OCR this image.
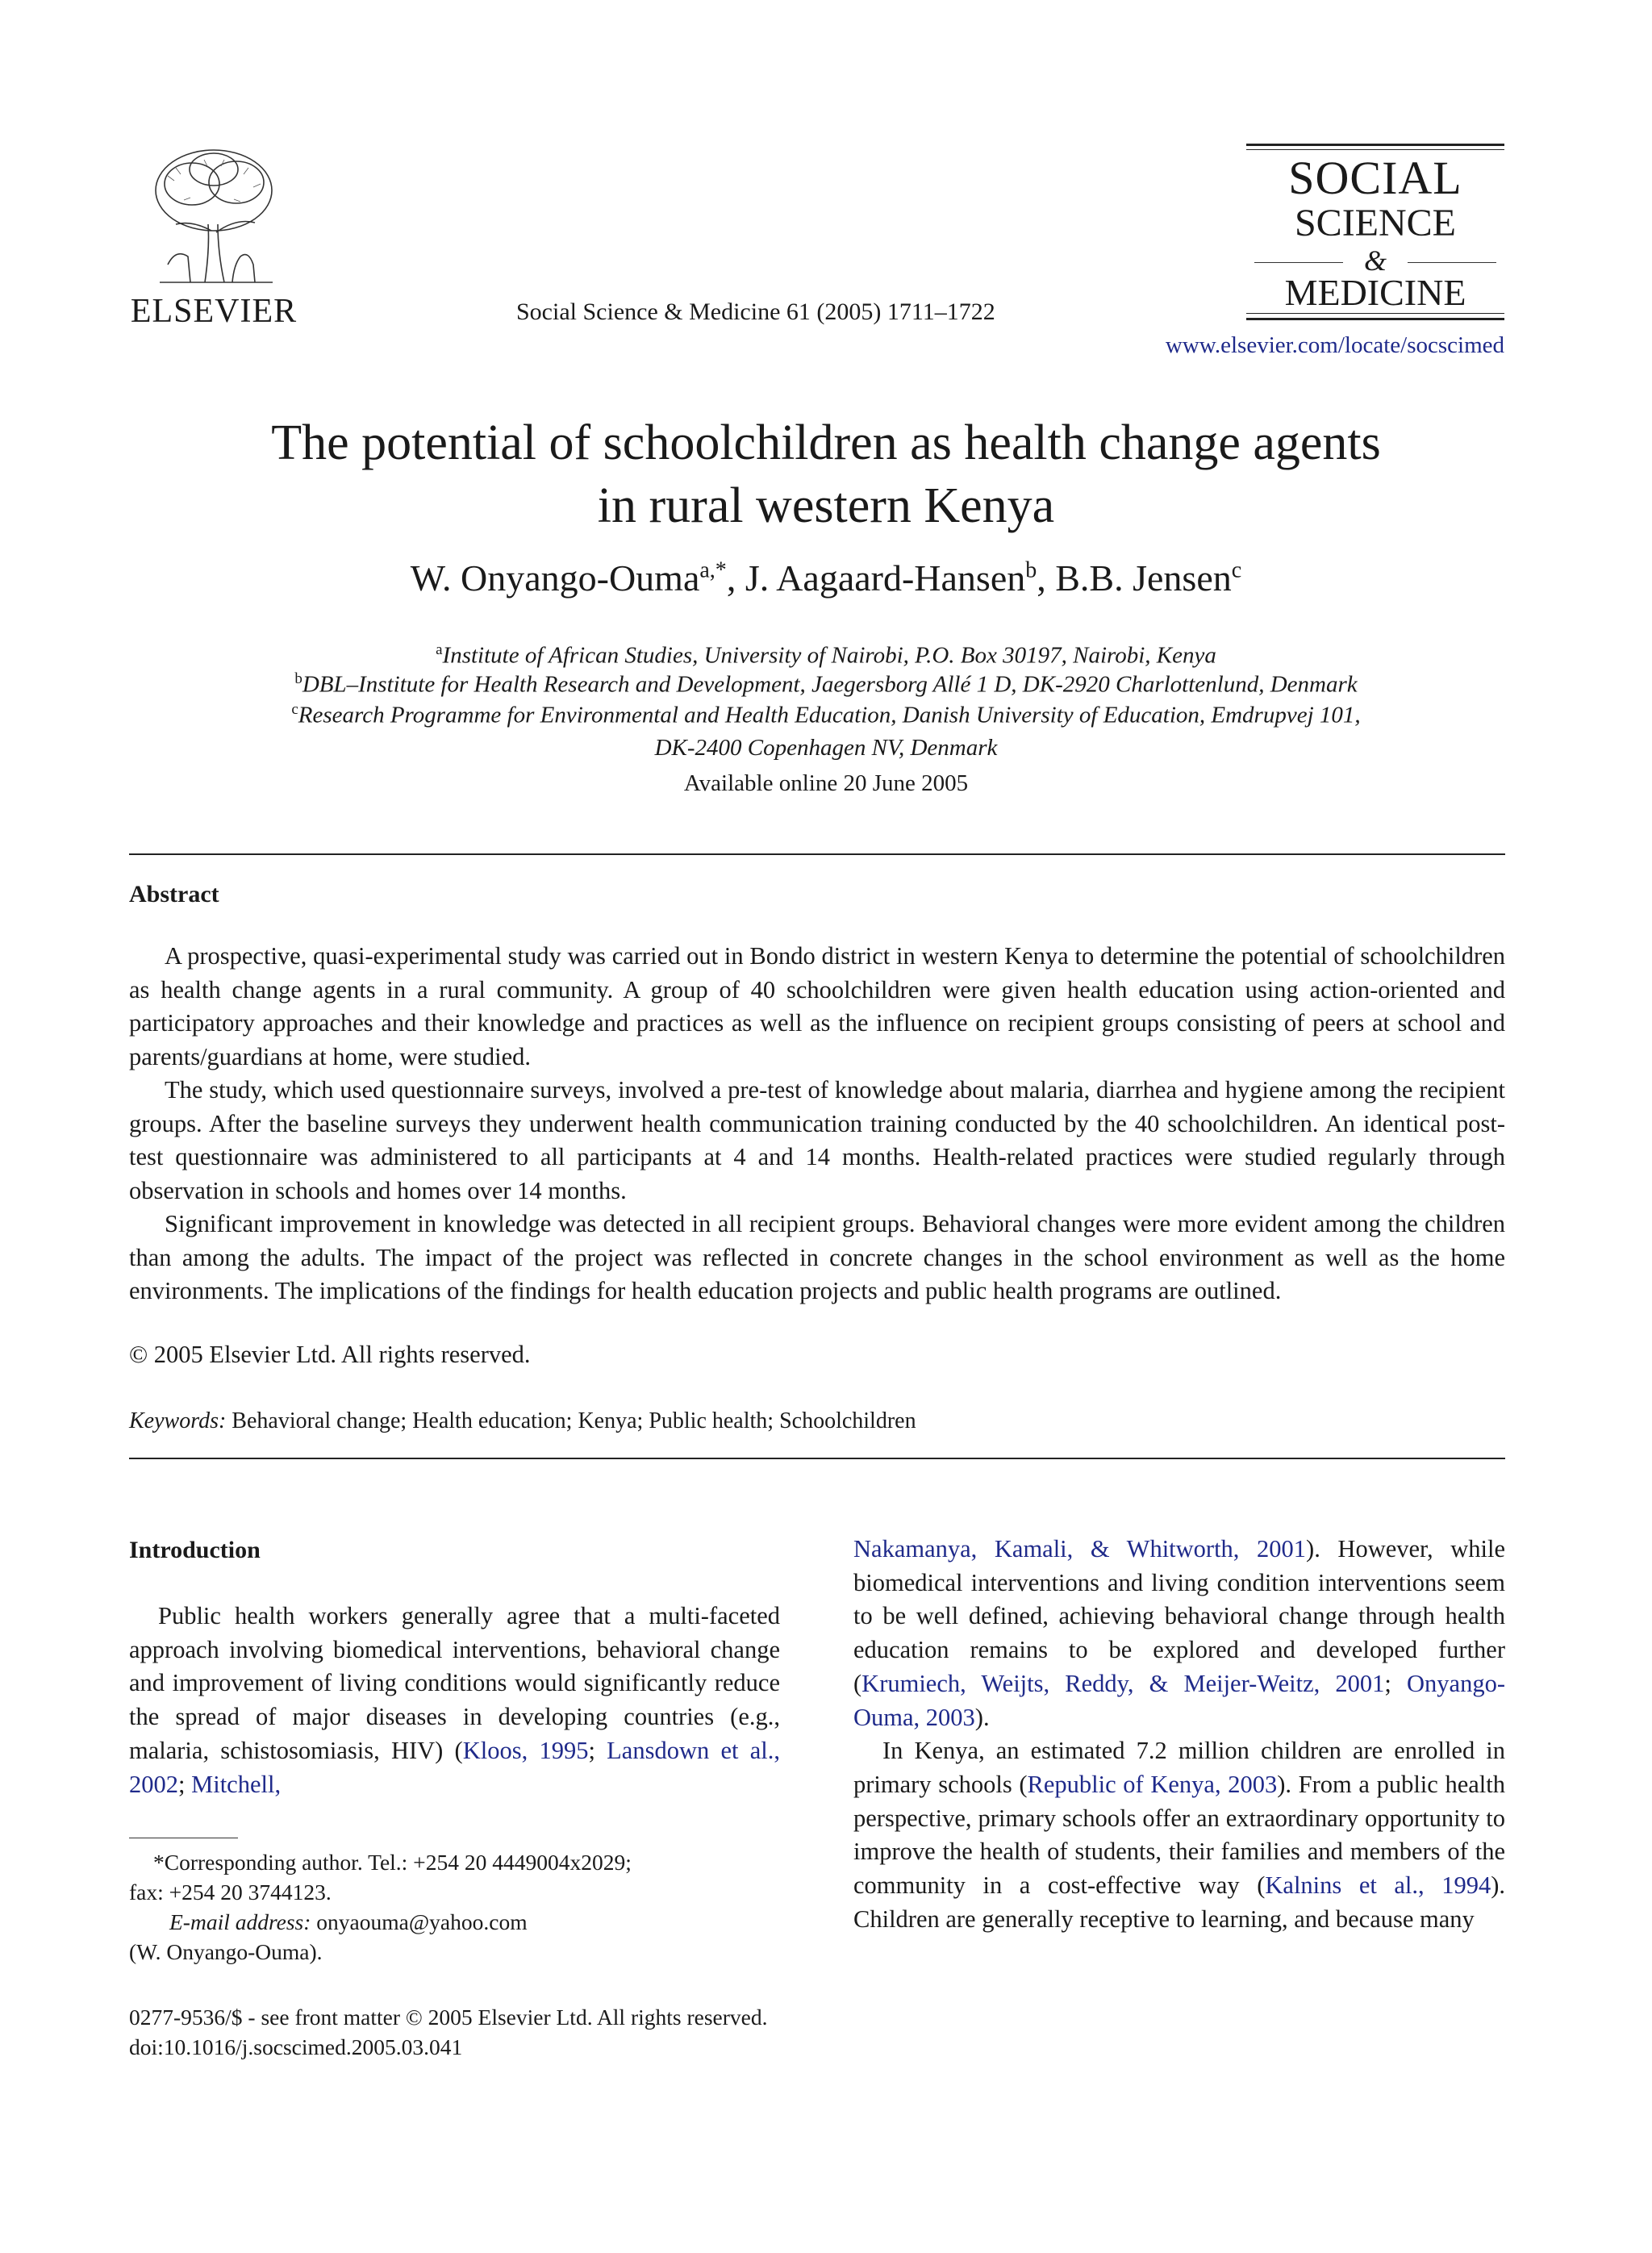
ELSEVIER	Social Science & Medicine 61 (2005) 1711–1722
SOCIAL
SCIENCE
&
MEDICINE
www.elsevier.com/locate/socscimed
The potential of schoolchildren as health change agents
in rural western Kenya
W. Onyango-Ouma$^{a,*}$, J. Aagaard-Hansen$^b$, B.B. Jensen$^c$
$^a$Institute of African Studies, University of Nairobi, P.O. Box 30197, Nairobi, Kenya
$^b$DBL–Institute for Health Research and Development, Jaegersborg Allé 1 D, DK-2920 Charlottenlund, Denmark
$^c$Research Programme for Environmental and Health Education, Danish University of Education, Emdrupvej 101,
DK-2400 Copenhagen NV, Denmark
Available online 20 June 2005
Abstract

A prospective, quasi-experimental study was carried out in Bondo district in western Kenya to determine the potential of schoolchildren as health change agents in a rural community. A group of 40 schoolchildren were given health education using action-oriented and participatory approaches and their knowledge and practices as well as the influence on recipient groups consisting of peers at school and parents/guardians at home, were studied.

The study, which used questionnaire surveys, involved a pre-test of knowledge about malaria, diarrhea and hygiene among the recipient groups. After the baseline surveys they underwent health communication training conducted by the 40 schoolchildren. An identical post-test questionnaire was administered to all participants at 4 and 14 months. Health-related practices were studied regularly through observation in schools and homes over 14 months.

Significant improvement in knowledge was detected in all recipient groups. Behavioral changes were more evident among the children than among the adults. The impact of the project was reflected in concrete changes in the school environment as well as the home environments. The implications of the findings for health education projects and public health programs are outlined.

© 2005 Elsevier Ltd. All rights reserved.
Keywords: Behavioral change; Health education; Kenya; Public health; Schoolchildren
Introduction

Public health workers generally agree that a multi-faceted approach involving biomedical interventions, behavioral change and improvement of living conditions would significantly reduce the spread of major diseases in developing countries (e.g., malaria, schistosomiasis, HIV) (Kloos, 1995; Lansdown et al., 2002; Mitchell,

*Corresponding author. Tel.: +254 20 4449004x2029;
fax: +254 20 3744123.
E-mail address: onyaouma@yahoo.com
(W. Onyango-Ouma).

Nakamanya, Kamali, & Whitworth, 2001). However, while biomedical interventions and living condition interventions seem to be well defined, achieving behavioral change through health education remains to be explored and developed further (Krumiech, Weijts, Reddy, & Meijer-Weitz, 2001; Onyango-Ouma, 2003).

In Kenya, an estimated 7.2 million children are enrolled in primary schools (Republic of Kenya, 2003). From a public health perspective, primary schools offer an extraordinary opportunity to improve the health of students, their families and members of the community in a cost-effective way (Kalnins et al., 1994). Children are generally receptive to learning, and because many

0277-9536/$ - see front matter © 2005 Elsevier Ltd. All rights reserved.
doi:10.1016/j.socscimed.2005.03.041
